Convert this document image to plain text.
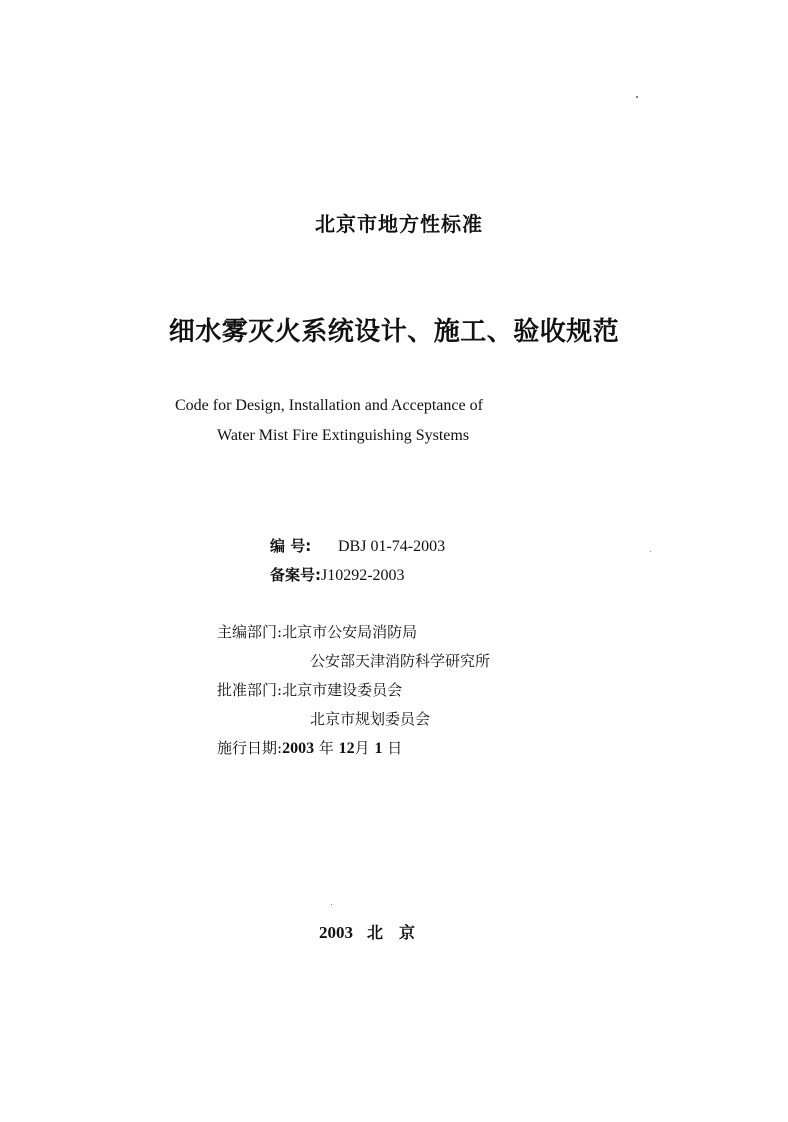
北京市地方性标准
细水雾灭火系统设计、施工、验收规范
Code for Design, Installation and Acceptance of
Water Mist Fire Extinguishing Systems
编 号: DBJ 01-74-2003
备案号:J10292-2003
主编部门:北京市公安局消防局
公安部天津消防科学研究所
批准部门:北京市建设委员会
北京市规划委员会
施行日期:2003 年 12月 1 日
2003 北京
